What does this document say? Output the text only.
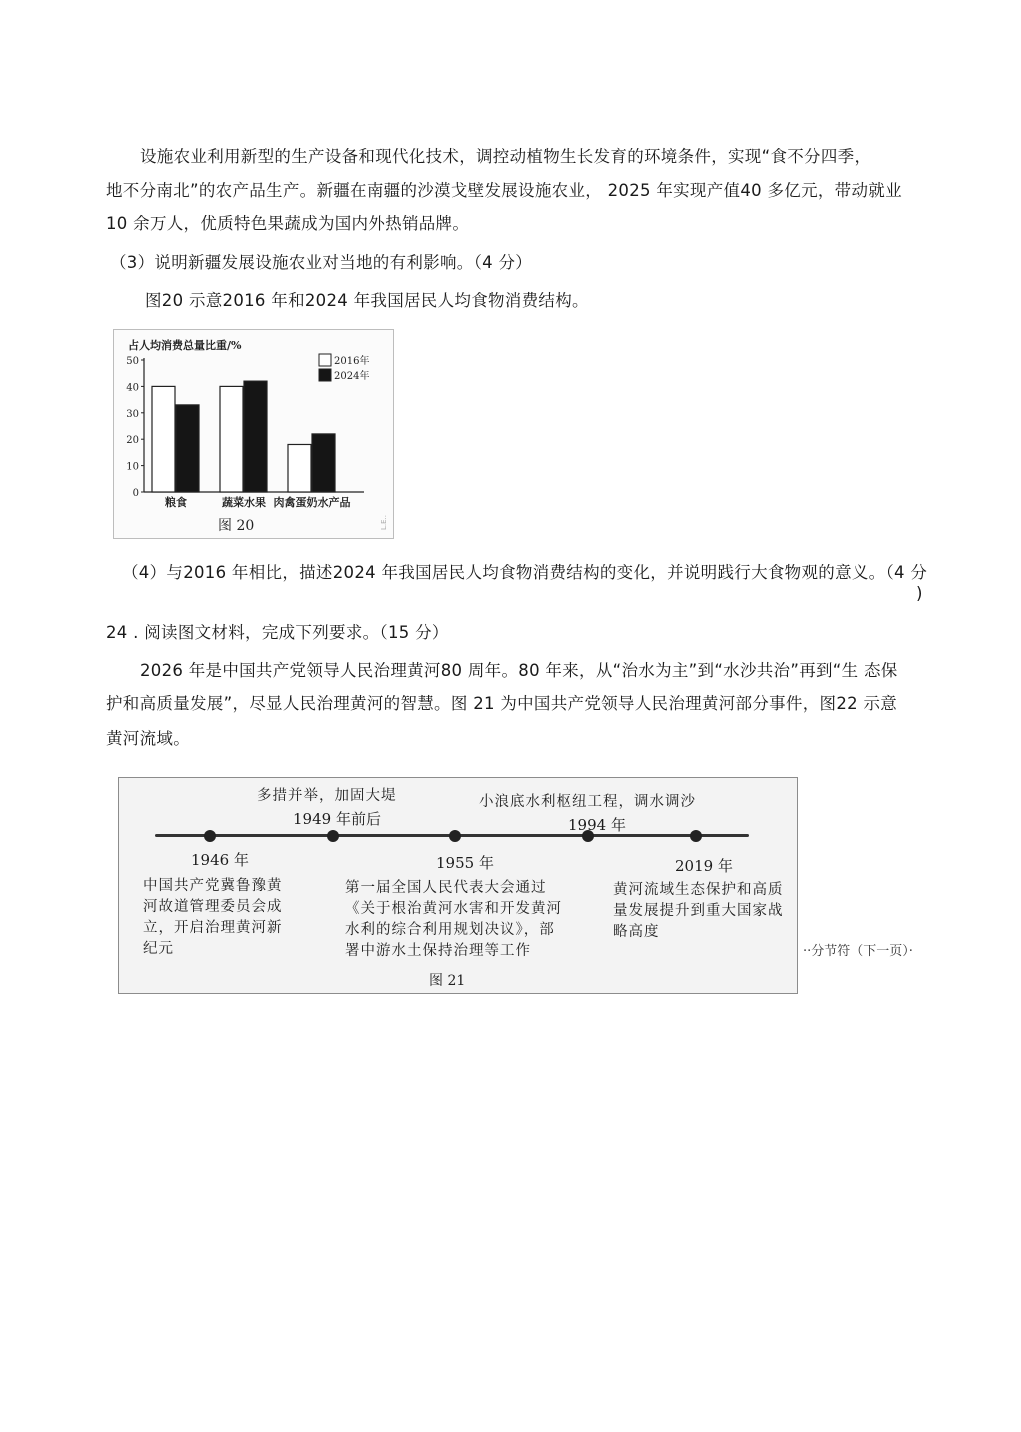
设施农业利用新型的生产设备和现代化技术，调控动植物生长发育的环境条件，实现“食不分四季，
地不分南北”的农产品生产。新疆在南疆的沙漠戈壁发展设施农业， 2025 年实现产值40 多亿元，带动就业
10 余万人，优质特色果蔬成为国内外热销品牌。
（3）说明新疆发展设施农业对当地的有利影响。（4 分）
图20 示意2016 年和2024 年我国居民人均食物消费结构。
占人均消费总量比重/%
50
40
30
20
10
0
粮食	蔬菜水果 肉禽蛋奶水产品
2016年
2024年
图 20	L.E..
（4）与2016 年相比，描述2024 年我国居民人均食物消费结构的变化，并说明践行大食物观的意义。（4 分
)
24 . 阅读图文材料，完成下列要求。（15 分）
2026 年是中国共产党领导人民治理黄河80 周年。80 年来，从“治水为主”到“水沙共治”再到“生 态保
护和高质量发展”，尽显人民治理黄河的智慧。图 21 为中国共产党领导人民治理黄河部分事件，图22 示意
黄河流域。
多措并举，加固大堤
1949 年前后
小浪底水利枢纽工程，调水调沙
1994 年
1946 年	1955 年	2019 年
中国共产党冀鲁豫黄
河故道管理委员会成
立，开启治理黄河新
纪元
第一届全国人民代表大会通过
《关于根治黄河水害和开发黄河
水利的综合利用规划决议》，部
署中游水土保持治理等工作
黄河流域生态保护和高质
量发展提升到重大国家战
略高度
图 21
··分节符（下一页）·
